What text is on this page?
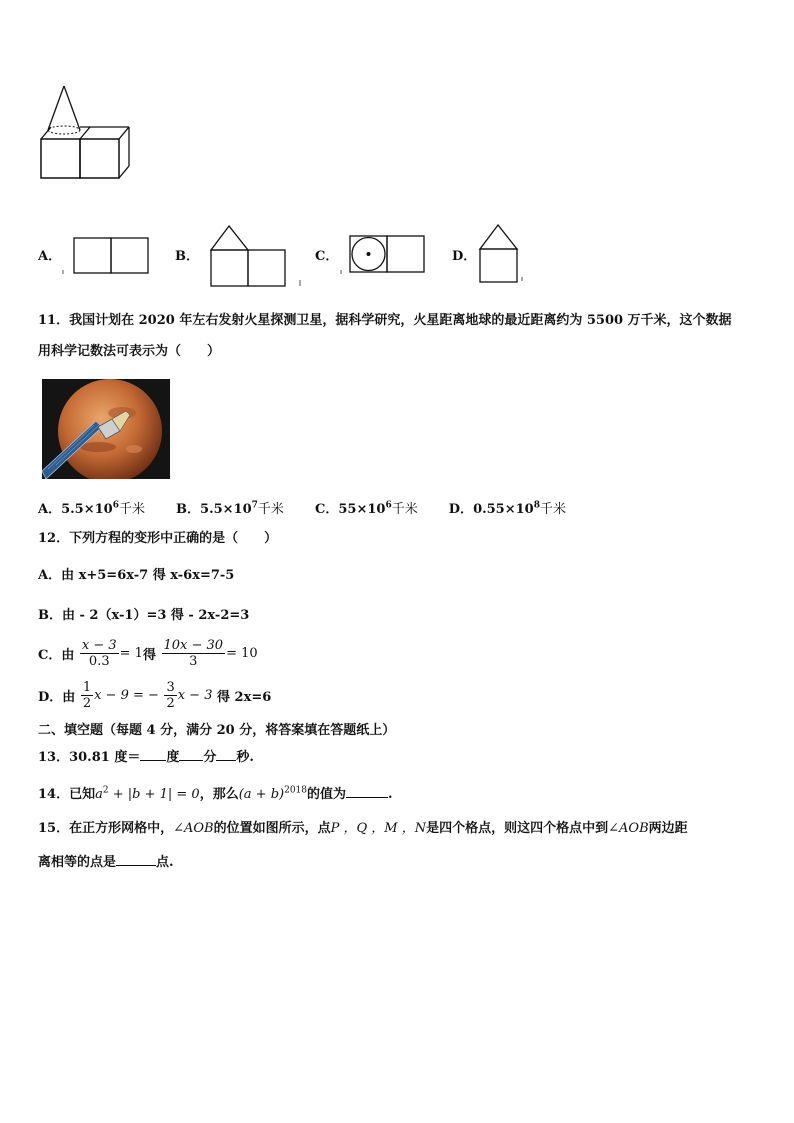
A．	B．	C．	D．
11．我国计划在 2020 年左右发射火星探测卫星，据科学研究，火星距离地球的最近距离约为 5500 万千米，这个数据
用科学记数法可表示为（　　）
A．$5.5\times 10^6$千米 B．$5.5\times 10^7$千米 C．$55\times 10^6$千米 D．$0.55\times 10^8$千米
12．下列方程的变形中正确的是（　　）
A．由 x+5=6x-7 得 x-6x=7-5
B．由 - 2（x-1）=3 得 - 2x-2=3
C．由 $\frac{x - 3}{0.3} = 1$得 $\frac{10x - 30}{3} = 10$
D．由 $\frac{1}{2}$ x − 9 = − $\frac{3}{2}$ x − 3 得 2x=6
二、填空题（每题 4 分，满分 20 分，将答案填在答题纸上）
13．30.81 度＝ 度 分 秒.
14．已知$a^2 + |b + 1| = 0$，那么$(a + b)^{2018}$的值为	.
15．在正方形网格中，∠AOB的位置如图所示，点P ，Q ，M ，N是四个格点，则这四个格点中到∠AOB两边距
离相等的点是	点.
